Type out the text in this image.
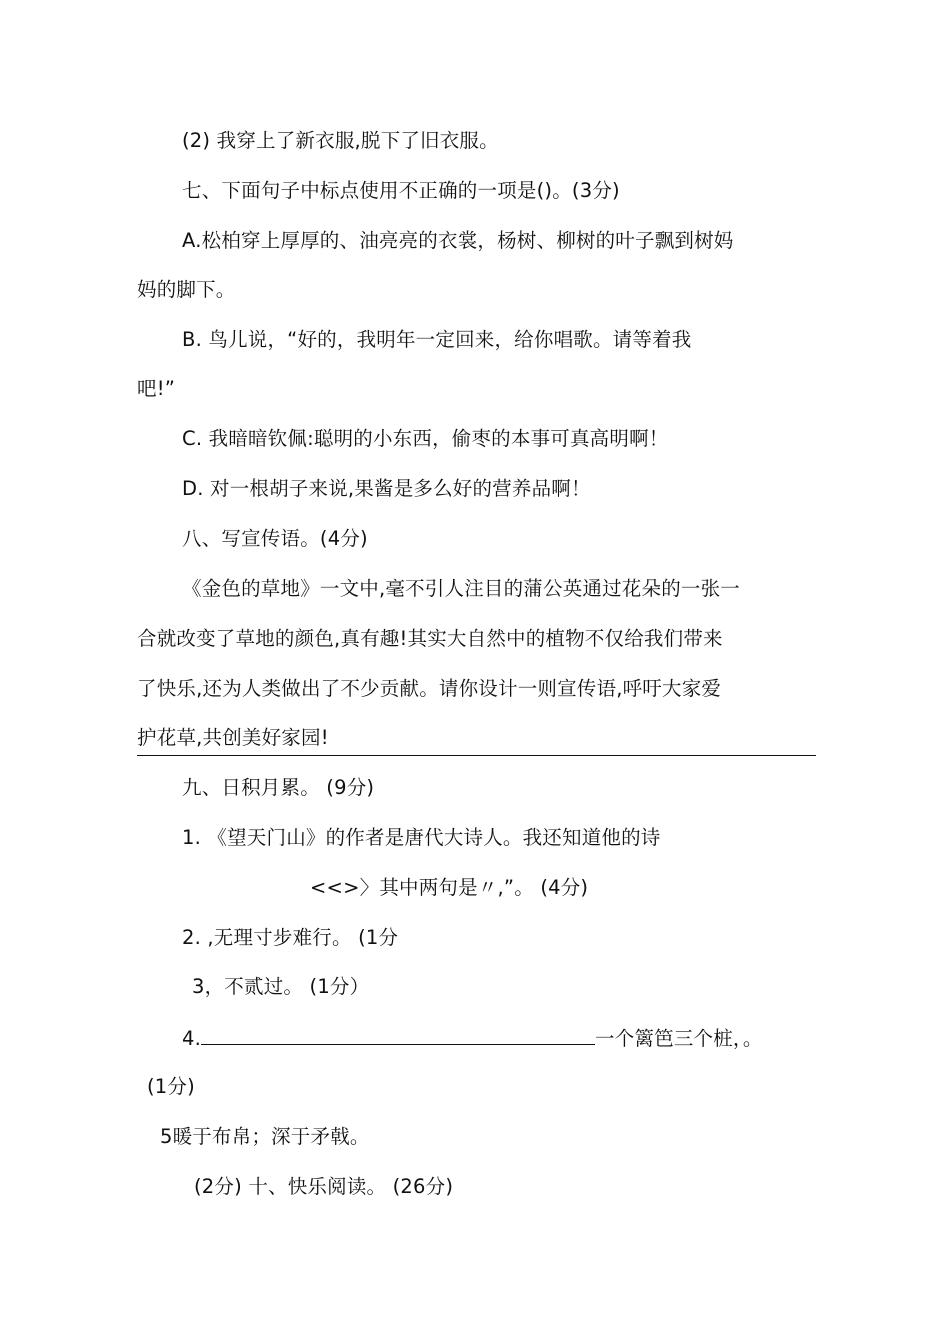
(2) 我穿上了新衣服,脱下了旧衣服。
七、下面句子中标点使用不正确的一项是()。(3分)
A.松柏穿上厚厚的、油亮亮的衣裳，杨树、柳树的叶子飘到树妈
妈的脚下。
B. 鸟儿说，“好的，我明年一定回来，给你唱歌。请等着我
吧!”
C. 我暗暗钦佩:聪明的小东西，偷枣的本事可真高明啊！
D. 对一根胡子来说,果酱是多么好的营养品啊！
八、写宣传语。(4分)
《金色的草地》一文中,毫不引人注目的蒲公英通过花朵的一张一
合就改变了草地的颜色,真有趣!其实大自然中的植物不仅给我们带来
了快乐,还为人类做出了不少贡献。请你设计一则宣传语,呼吁大家爱
护花草,共创美好家园!
九、日积月累。 (9分)
1. 《望天门山》的作者是唐代大诗人。我还知道他的诗
<<>〉其中两句是〃,”。 (4分)
2. ,无理寸步难行。 (1分
3，不贰过。 (1分）
4.	一个篱笆三个桩，。
(1分)
5暖于布帛；深于矛戟。
(2分) 十、快乐阅读。 (26分)
